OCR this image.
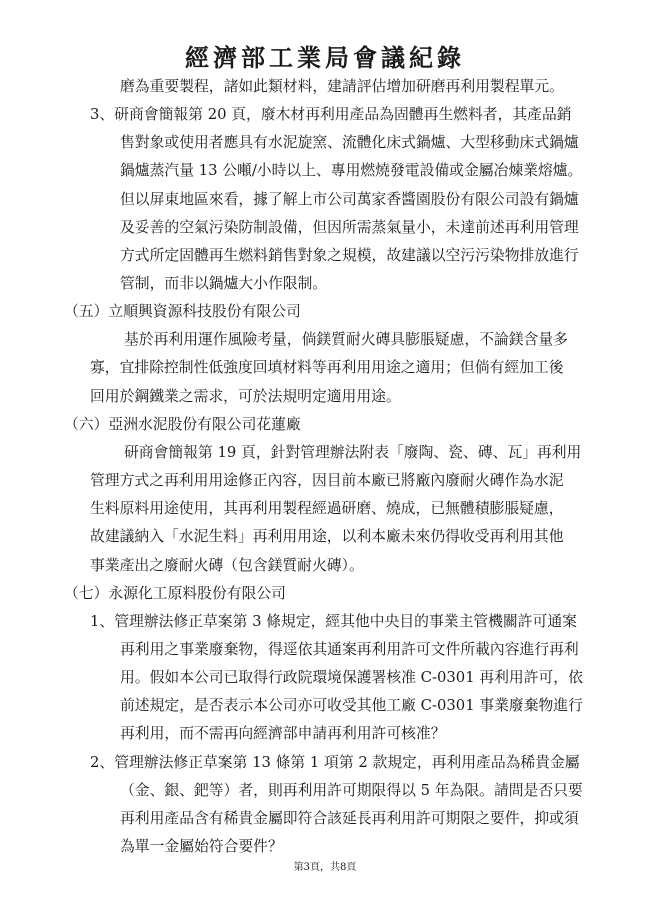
經濟部工業局會議紀錄
磨為重要製程，諸如此類材料，建請評估增加研磨再利用製程單元。
3、研商會簡報第 20 頁，廢木材再利用產品為固體再生燃料者，其產品銷
售對象或使用者應具有水泥旋窯、流體化床式鍋爐、大型移動床式鍋爐
鍋爐蒸汽量 13 公噸/小時以上、專用燃燒發電設備或金屬冶煉業熔爐。
但以屏東地區來看，據了解上市公司萬家香醬園股份有限公司設有鍋爐
及妥善的空氣污染防制設備，但因所需蒸氣量小，未達前述再利用管理
方式所定固體再生燃料銷售對象之規模，故建議以空污污染物排放進行
管制，而非以鍋爐大小作限制。
（五）立順興資源科技股份有限公司
基於再利用運作風險考量，倘鎂質耐火磚具膨脹疑慮，不論鎂含量多
寡，宜排除控制性低強度回填材料等再利用用途之適用；但倘有經加工後
回用於鋼鐵業之需求，可於法規明定適用用途。
（六）亞洲水泥股份有限公司花蓮廠
研商會簡報第 19 頁，針對管理辦法附表「廢陶、瓷、磚、瓦」再利用
管理方式之再利用用途修正內容，因目前本廠已將廠內廢耐火磚作為水泥
生料原料用途使用，其再利用製程經過研磨、燒成，已無體積膨脹疑慮，
故建議納入「水泥生料」再利用用途，以利本廠未來仍得收受再利用其他
事業產出之廢耐火磚（包含鎂質耐火磚）。
（七）永源化工原料股份有限公司
1、管理辦法修正草案第 3 條規定，經其他中央目的事業主管機關許可通案
再利用之事業廢棄物，得逕依其通案再利用許可文件所載內容進行再利
用。假如本公司已取得行政院環境保護署核准 C-0301 再利用許可，依
前述規定，是否表示本公司亦可收受其他工廠 C-0301 事業廢棄物進行
再利用，而不需再向經濟部申請再利用許可核准？
2、管理辦法修正草案第 13 條第 1 項第 2 款規定，再利用產品為稀貴金屬
（金、銀、鈀等）者，則再利用許可期限得以 5 年為限。請問是否只要
再利用產品含有稀貴金屬即符合該延長再利用許可期限之要件，抑或須
為單一金屬始符合要件？
第3頁，共8頁
